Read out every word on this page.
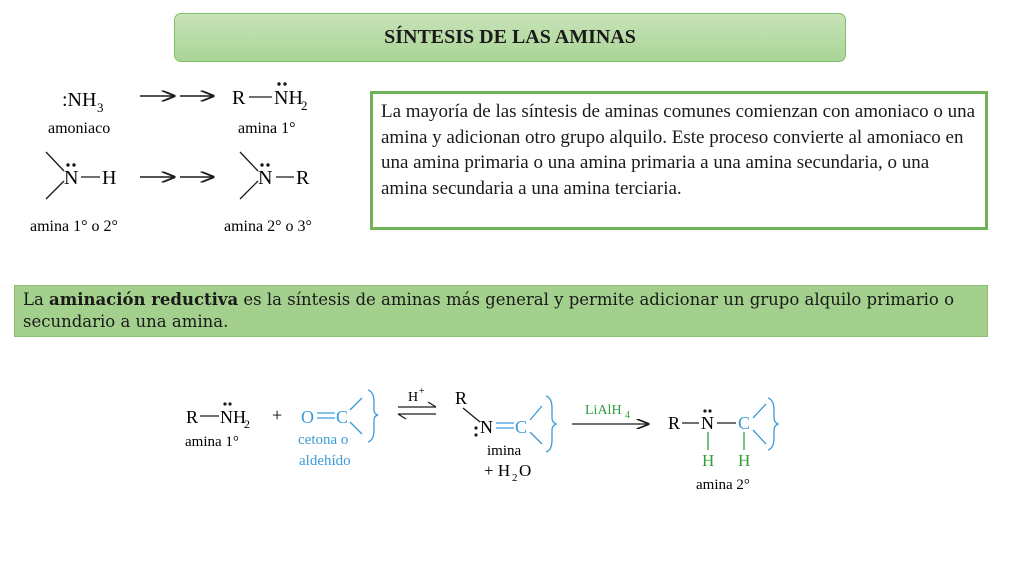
SÍNTESIS DE LAS AMINAS
La mayoría de las síntesis de aminas comunes comienzan con amoniaco o una amina y adicionan otro grupo alquilo. Este proceso convierte al amoniaco en una amina primaria o una amina primaria a una amina secundaria, o una amina secundaria a una amina terciaria.
La aminación reductiva es la síntesis de aminas más general y permite adicionar un grupo alquilo primario o secundario a una amina.
:NH 3
amoniaco
R NH
2
amina 1°
N H
amina 1° o 2°
N R
amina 2° o 3°
R NH
2
amina 1°
+ O C
cetona o
aldehído
H + R
N C
imina
+ H 2 O
LiAlH 4 R N C
H H
amina 2°
